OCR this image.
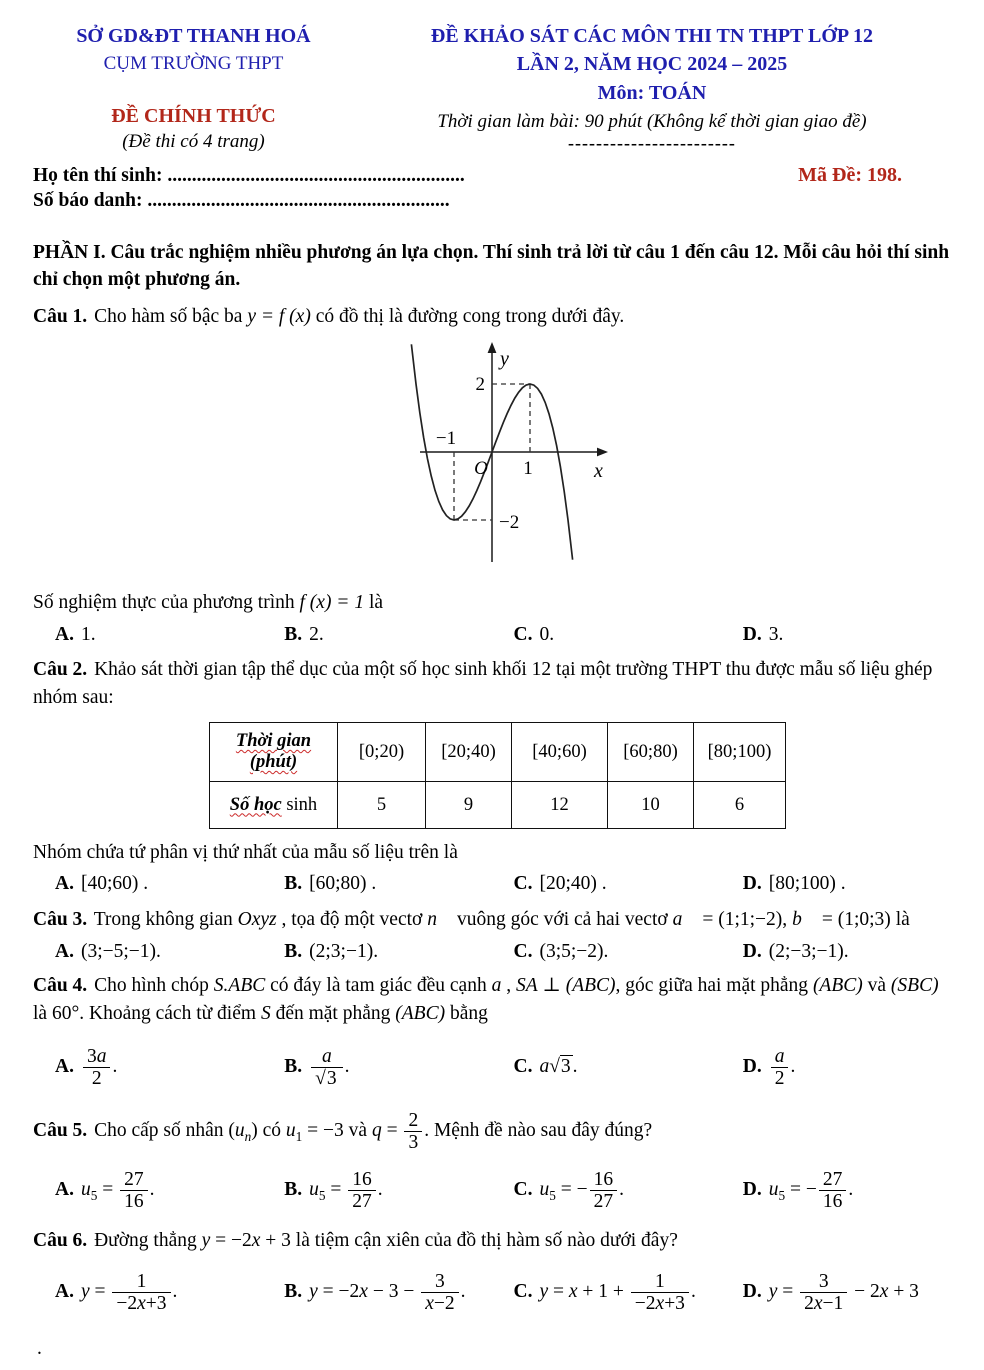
SỞ GD&ĐT THANH HOÁ
CỤM TRƯỜNG THPT
ĐỀ CHÍNH THỨC
(Đề thi có 4 trang)
ĐỀ KHẢO SÁT CÁC MÔN THI TN THPT LỚP 12
LẦN 2, NĂM HỌC 2024 – 2025
Môn: TOÁN
Thời gian làm bài: 90 phút (Không kể thời gian giao đề)
------------------------
Họ tên thí sinh: .............................................................	Mã Đề: 198.
Số báo danh: ..............................................................

PHẦN I. Câu trắc nghiệm nhiều phương án lựa chọn. Thí sinh trả lời từ câu 1 đến câu 12. Mỗi câu hỏi thí sinh chỉ chọn một phương án.

Câu 1. Cho hàm số bậc ba y = f (x) có đồ thị là đường cong trong dưới đây.

y
x
O 1
−1
2
−2

Số nghiệm thực của phương trình f (x) = 1 là

A. 1.	B. 2.	C. 0.	D. 3.

Câu 2. Khảo sát thời gian tập thể dục của một số học sinh khối 12 tại một trường THPT thu được mẫu số liệu ghép nhóm sau:

Thời gian
(phút)	[0;20)	[20;40)	[40;60)	[60;80)	[80;100)
Số học sinh	5	9	12	10	6

Nhóm chứa tứ phân vị thứ nhất của mẫu số liệu trên là

A. [40;60) .	B. [60;80) .	C. [20;40) .	D. [80;100) .

Câu 3. Trong không gian Oxyz , tọa độ một vectơ n⃗ vuông góc với cả hai vectơ a⃗ = (1;1;−2), b⃗ = (1;0;3) là

A. (3;−5;−1).	B. (2;3;−1).	C. (3;5;−2).	D. (2;−3;−1).

Câu 4. Cho hình chóp S.ABC có đáy là tam giác đều cạnh a , SA ⊥ (ABC), góc giữa hai mặt phẳng (ABC) và (SBC) là 60°. Khoảng cách từ điểm S đến mặt phẳng (ABC) bằng

A. $\frac{3a}{2}$ .	B. $\frac{a}{√3}$ .	C. a√3 .	D. $\frac{a}{2}$ .

Câu 5. Cho cấp số nhân $(u_n)$ có $u_1 = -3$ và $q = \frac{2}{3}$ . Mệnh đề nào sau đây đúng?

A. $u_5 = \frac{27}{16}$ .	B. $u_5 = \frac{16}{27}$ .	C. $u_5$ = − $\frac{16}{27}$ .	D. $u_5$ = − $\frac{27}{16}$ .

Câu 6. Đường thẳng y = −2x + 3 là tiệm cận xiên của đồ thị hàm số nào dưới đây?

A. $y = \frac{1}{-2x+3}$ .	B. $y = -2x - 3 - \frac{3}{x-2}$ .	C. $y = x + 1 + \frac{1}{-2x+3}$ .	D. $y = \frac{3}{2x-1} - 2x + 3$
.
